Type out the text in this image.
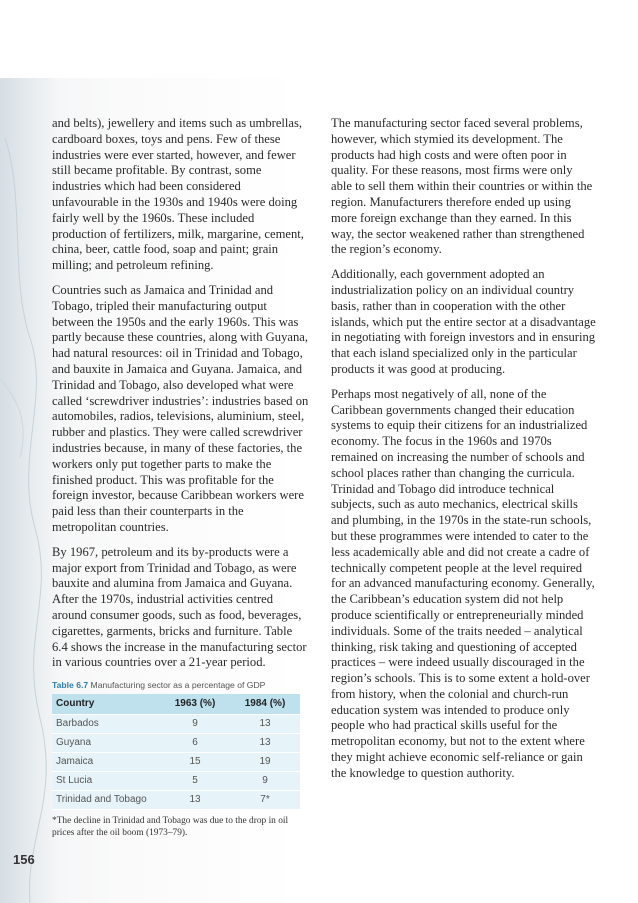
and belts), jewellery and items such as umbrellas, cardboard boxes, toys and pens. Few of these industries were ever started, however, and fewer still became profitable. By contrast, some industries which had been considered unfavourable in the 1930s and 1940s were doing fairly well by the 1960s. These included production of fertilizers, milk, margarine, cement, china, beer, cattle food, soap and paint; grain milling; and petroleum refining.

Countries such as Jamaica and Trinidad and Tobago, tripled their manufacturing output between the 1950s and the early 1960s. This was partly because these countries, along with Guyana, had natural resources: oil in Trinidad and Tobago, and bauxite in Jamaica and Guyana. Jamaica, and Trinidad and Tobago, also developed what were called ‘screwdriver industries’: industries based on automobiles, radios, televisions, aluminium, steel, rubber and plastics. They were called screwdriver industries because, in many of these factories, the workers only put together parts to make the finished product. This was profitable for the foreign investor, because Caribbean workers were paid less than their counterparts in the metropolitan countries.

By 1967, petroleum and its by-products were a major export from Trinidad and Tobago, as were bauxite and alumina from Jamaica and Guyana. After the 1970s, industrial activities centred around consumer goods, such as food, beverages, cigarettes, garments, bricks and furniture. Table 6.4 shows the increase in the manufacturing sector in various countries over a 21-year period.

Table 6.7 Manufacturing sector as a percentage of GDP
Country	1963 (%)	1984 (%)
Barbados	9	13
Guyana	6	13
Jamaica	15	19
St Lucia	5	9
Trinidad and Tobago	13	7*
*The decline in Trinidad and Tobago was due to the drop in oil prices after the oil boom (1973–79).

The manufacturing sector faced several problems, however, which stymied its development. The products had high costs and were often poor in quality. For these reasons, most firms were only able to sell them within their countries or within the region. Manufacturers therefore ended up using more foreign exchange than they earned. In this way, the sector weakened rather than strengthened the region’s economy.

Additionally, each government adopted an industrialization policy on an individual country basis, rather than in cooperation with the other islands, which put the entire sector at a disadvantage in negotiating with foreign investors and in ensuring that each island specialized only in the particular products it was good at producing.

Perhaps most negatively of all, none of the Caribbean governments changed their education systems to equip their citizens for an industrialized economy. The focus in the 1960s and 1970s remained on increasing the number of schools and school places rather than changing the curricula. Trinidad and Tobago did introduce technical subjects, such as auto mechanics, electrical skills and plumbing, in the 1970s in the state-run schools, but these programmes were intended to cater to the less academically able and did not create a cadre of technically competent people at the level required for an advanced manufacturing economy. Generally, the Caribbean’s education system did not help produce scientifically or entrepreneurially minded individuals. Some of the traits needed – analytical thinking, risk taking and questioning of accepted practices – were indeed usually discouraged in the region’s schools. This is to some extent a hold-over from history, when the colonial and church-run education system was intended to produce only people who had practical skills useful for the metropolitan economy, but not to the extent where they might achieve economic self-reliance or gain the knowledge to question authority.

156
